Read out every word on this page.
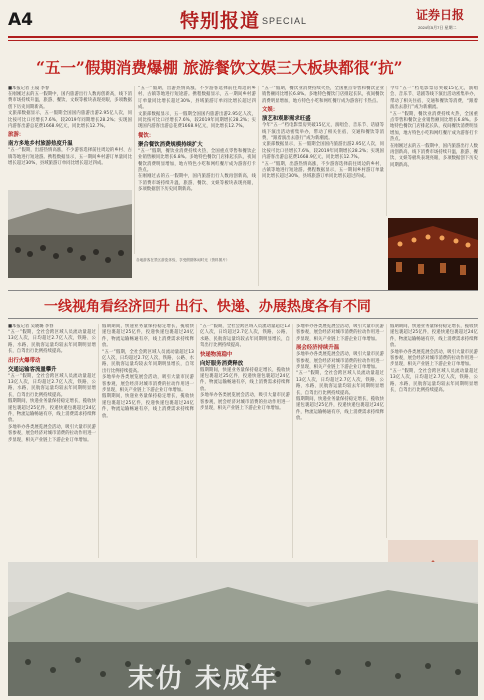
A4	特别报道 SPECIAL	证券日报
2024年5月7日 星期二
“五一”假期消费爆棚 旅游餐饮文娱三大板块都很“抗”
■本报记者 王镜 李春
在刚刚过去的五一假期中，国内旅游出行人数再创新高，线下消费市场持续升温，旅游、餐饮、文娱等板块表现亮眼，多项数据创下历史同期新高。
文旅部数据显示，五一假期全国国内旅游出游2.95亿人次，同比按可比口径增长7.6%，较2019年同期增长28.2%；实现国内游客出游总花费1668.9亿元，同比增长12.7%。
旅游：
南方多地乡村旅游热度升温
“五一”假期，出游热情高涨，不少游客选择前往周边的乡村、古镇等地进行短途游。携程数据显示，五一期间乡村游订单量同比增长超过30%，县域旅游订单同比增长超过四成。
各地游客在景区游览体验，享受假期休闲时光（资料图片）
“五一”假期，出游热情高涨，不少游客选择前往周边的乡村、古镇等地进行短途游。携程数据显示，五一期间乡村游订单量同比增长超过30%，县域旅游订单同比增长超过四成。
文旅部数据显示，五一假期全国国内旅游出游2.95亿人次，同比按可比口径增长7.6%，较2019年同期增长28.2%；实现国内游客出游总花费1668.9亿元，同比增长12.7%。
餐饮：
聚合餐饮消费规模持续扩大
“五一”假期，餐饮业消费持续火热，全国重点零售和餐饮企业销售额同比增长6.8%。多地特色餐饮门店排起长队，夜间餐饮消费明显增加，地方特色小吃和网红餐厅成为游客打卡热点。
在刚刚过去的五一假期中，国内旅游出行人数再创新高，线下消费市场持续升温，旅游、餐饮、文娱等板块表现亮眼，多项数据创下历史同期新高。
“五一”假期，餐饮业消费持续火热，全国重点零售和餐饮企业销售额同比增长6.8%。多地特色餐饮门店排起长队，夜间餐饮消费明显增加，地方特色小吃和网红餐厅成为游客打卡热点。
文娱：
演艺和观影需求旺盛
今年“五一”档电影票房突破15亿元，演唱会、音乐节、话剧等线下演出活动密集举办，带动了相关住宿、交通和餐饮等消费，“跟着演出去旅行”成为新潮流。
文旅部数据显示，五一假期全国国内旅游出游2.95亿人次，同比按可比口径增长7.6%，较2019年同期增长28.2%；实现国内游客出游总花费1668.9亿元，同比增长12.7%。
“五一”假期，出游热情高涨，不少游客选择前往周边的乡村、古镇等地进行短途游。携程数据显示，五一期间乡村游订单量同比增长超过30%，县域旅游订单同比增长超过四成。
今年“五一”档电影票房突破15亿元，演唱会、音乐节、话剧等线下演出活动密集举办，带动了相关住宿、交通和餐饮等消费，“跟着演出去旅行”成为新潮流。
“五一”假期，餐饮业消费持续火热，全国重点零售和餐饮企业销售额同比增长6.8%。多地特色餐饮门店排起长队，夜间餐饮消费明显增加，地方特色小吃和网红餐厅成为游客打卡热点。
在刚刚过去的五一假期中，国内旅游出行人数再创新高，线下消费市场持续升温，旅游、餐饮、文娱等板块表现亮眼，多项数据创下历史同期新高。
一线视角看经济回升 出行、快递、办展热度各有不同
■本报记者 吴晓璐 李春
“五一”假期，全社会跨区域人员流动量超过13亿人次，日均超过2.7亿人次，铁路、公路、水路、民航客运量均较去年同期明显增长，自驾出行比例持续提高。
出行火爆带动
交通运输客流量攀升
“五一”假期，全社会跨区域人员流动量超过13亿人次，日均超过2.7亿人次，铁路、公路、水路、民航客运量均较去年同期明显增长，自驾出行比例持续提高。
假期期间，快递业务量保持稳定增长，揽收快递包裹超过25亿件，投递快递包裹超过24亿件，物流运输畅通有序，线上消费需求持续释放。
多地举办各类展览展会活动，吸引大量市民游客参观，展会经济对城市消费的拉动作用进一步显现，相关产业链上下游企业订单增加。
假期期间，快递业务量保持稳定增长，揽收快递包裹超过25亿件，投递快递包裹超过24亿件，物流运输畅通有序，线上消费需求持续释放。
“五一”假期，全社会跨区域人员流动量超过13亿人次，日均超过2.7亿人次，铁路、公路、水路、民航客运量均较去年同期明显增长，自驾出行比例持续提高。
多地举办各类展览展会活动，吸引大量市民游客参观，展会经济对城市消费的拉动作用进一步显现，相关产业链上下游企业订单增加。
假期期间，快递业务量保持稳定增长，揽收快递包裹超过25亿件，投递快递包裹超过24亿件，物流运输畅通有序，线上消费需求持续释放。
“五一”假期，全社会跨区域人员流动量超过13亿人次，日均超过2.7亿人次，铁路、公路、水路、民航客运量均较去年同期明显增长，自驾出行比例持续提高。
快递物流稳中
向好服务消费释放
假期期间，快递业务量保持稳定增长，揽收快递包裹超过25亿件，投递快递包裹超过24亿件，物流运输畅通有序，线上消费需求持续释放。
多地举办各类展览展会活动，吸引大量市民游客参观，展会经济对城市消费的拉动作用进一步显现，相关产业链上下游企业订单增加。
多地举办各类展览展会活动，吸引大量市民游客参观，展会经济对城市消费的拉动作用进一步显现，相关产业链上下游企业订单增加。
展会经济持续升温
多地举办各类展览展会活动，吸引大量市民游客参观，展会经济对城市消费的拉动作用进一步显现，相关产业链上下游企业订单增加。
“五一”假期，全社会跨区域人员流动量超过13亿人次，日均超过2.7亿人次，铁路、公路、水路、民航客运量均较去年同期明显增长，自驾出行比例持续提高。
假期期间，快递业务量保持稳定增长，揽收快递包裹超过25亿件，投递快递包裹超过24亿件，物流运输畅通有序，线上消费需求持续释放。
假期期间，快递业务量保持稳定增长，揽收快递包裹超过25亿件，投递快递包裹超过24亿件，物流运输畅通有序，线上消费需求持续释放。
多地举办各类展览展会活动，吸引大量市民游客参观，展会经济对城市消费的拉动作用进一步显现，相关产业链上下游企业订单增加。
“五一”假期，全社会跨区域人员流动量超过13亿人次，日均超过2.7亿人次，铁路、公路、水路、民航客运量均较去年同期明显增长，自驾出行比例持续提高。
末仂 未成年
